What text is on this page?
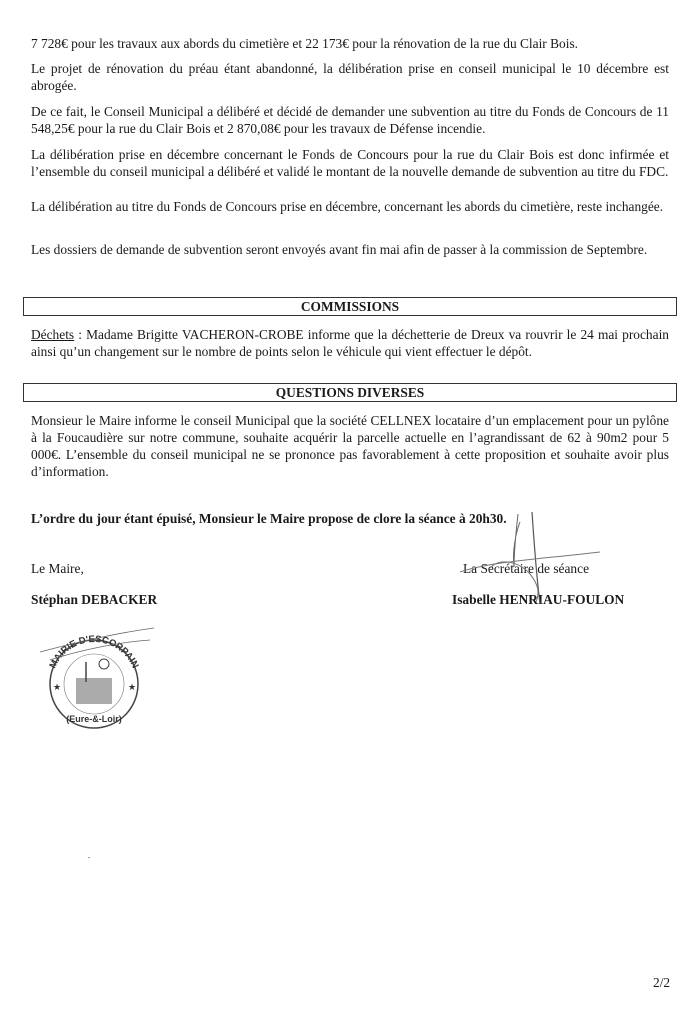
7 728€ pour les travaux aux abords du cimetière et 22 173€ pour la rénovation de la rue du Clair Bois.

Le projet de rénovation du préau étant abandonné, la délibération prise en conseil municipal le 10 décembre est abrogée.

De ce fait, le Conseil Municipal a délibéré et décidé de demander une subvention au titre du Fonds de Concours de 11 548,25€ pour la rue du Clair Bois et 2 870,08€ pour les travaux de Défense incendie.

La délibération prise en décembre concernant le Fonds de Concours pour la rue du Clair Bois est donc infirmée et l’ensemble du conseil municipal a délibéré et validé le montant de la nouvelle demande de subvention au titre du FDC.

La délibération au titre du Fonds de Concours prise en décembre, concernant les abords du cimetière, reste inchangée.

Les dossiers de demande de subvention seront envoyés avant fin mai afin de passer à la commission de Septembre.

COMMISSIONS

Déchets : Madame Brigitte VACHERON-CROBE informe que la déchetterie de Dreux va rouvrir le 24 mai prochain ainsi qu’un changement sur le nombre de points selon le véhicule qui vient effectuer le dépôt.

QUESTIONS DIVERSES

Monsieur le Maire informe le conseil Municipal que la société CELLNEX locataire d’un emplacement pour un pylône à la Foucaudière sur notre commune, souhaite acquérir la parcelle actuelle en l’agrandissant de 62 à 90m2 pour 5 000€. L’ensemble du conseil municipal ne se prononce pas favorablement à cette proposition et souhaite avoir plus d’information.

L’ordre du jour étant épuisé, Monsieur le Maire propose de clore la séance à 20h30.

Le Maire,
Stéphan DEBACKER
La Secrétaire de séance
Isabelle HENRIAU-FOULON
MAIRIE D'ESCORPAIN
★	★
(Eure-&-Loir)
2/2
